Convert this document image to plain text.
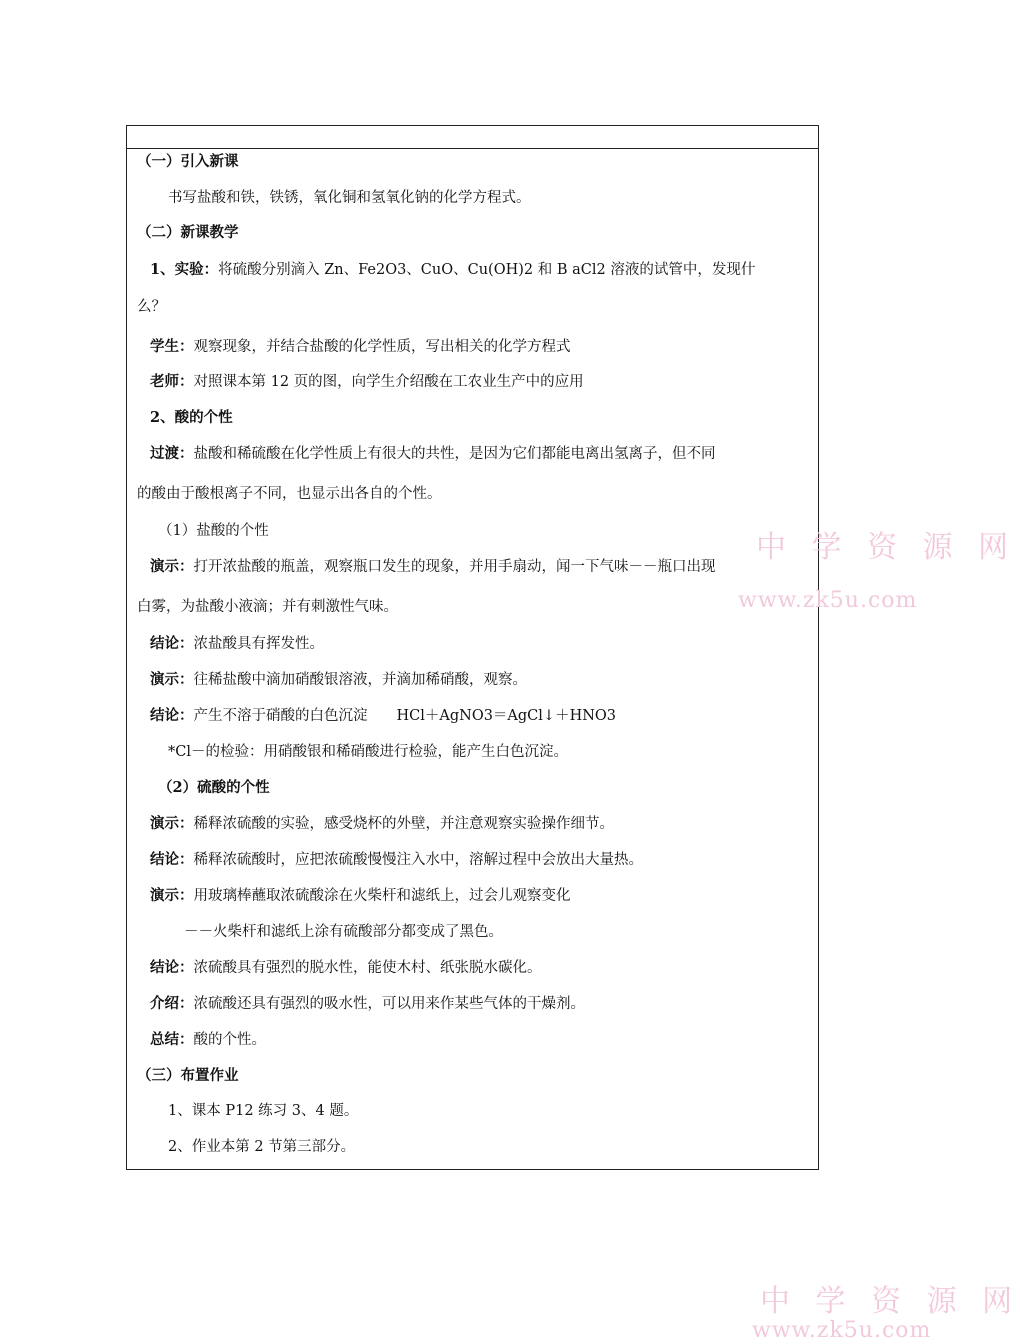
（一）引入新课
书写盐酸和铁，铁锈，氧化铜和氢氧化钠的化学方程式。
（二）新课教学
1、实验：将硫酸分别滴入 Zn、Fe2O3、CuO、Cu(OH)2 和 B aCl2 溶液的试管中，发现什
么？
学生：观察现象，并结合盐酸的化学性质，写出相关的化学方程式
老师：对照课本第 12 页的图，向学生介绍酸在工农业生产中的应用
2、酸的个性
过渡：盐酸和稀硫酸在化学性质上有很大的共性，是因为它们都能电离出氢离子，但不同
的酸由于酸根离子不同，也显示出各自的个性。
（1）盐酸的个性
演示：打开浓盐酸的瓶盖，观察瓶口发生的现象，并用手扇动，闻一下气味－－瓶口出现
白雾，为盐酸小液滴；并有刺激性气味。
结论：浓盐酸具有挥发性。
演示：往稀盐酸中滴加硝酸银溶液，并滴加稀硝酸，观察。
结论：产生不溶于硝酸的白色沉淀　　HCl＋AgNO3＝AgCl↓＋HNO3
*Cl－的检验：用硝酸银和稀硝酸进行检验，能产生白色沉淀。
（2）硫酸的个性
演示：稀释浓硫酸的实验，感受烧杯的外壁，并注意观察实验操作细节。
结论：稀释浓硫酸时，应把浓硫酸慢慢注入水中，溶解过程中会放出大量热。
演示：用玻璃棒蘸取浓硫酸涂在火柴杆和滤纸上，过会儿观察变化
－－火柴杆和滤纸上涂有硫酸部分都变成了黑色。
结论：浓硫酸具有强烈的脱水性，能使木村、纸张脱水碳化。
介绍：浓硫酸还具有强烈的吸水性，可以用来作某些气体的干燥剂。
总结：酸的个性。
（三）布置作业
1、课本 P12 练习 3、4 题。
2、作业本第 2 节第三部分。
中 学 资 源 网
www.zk5u.com
中 学 资 源 网
www.zk5u.com
